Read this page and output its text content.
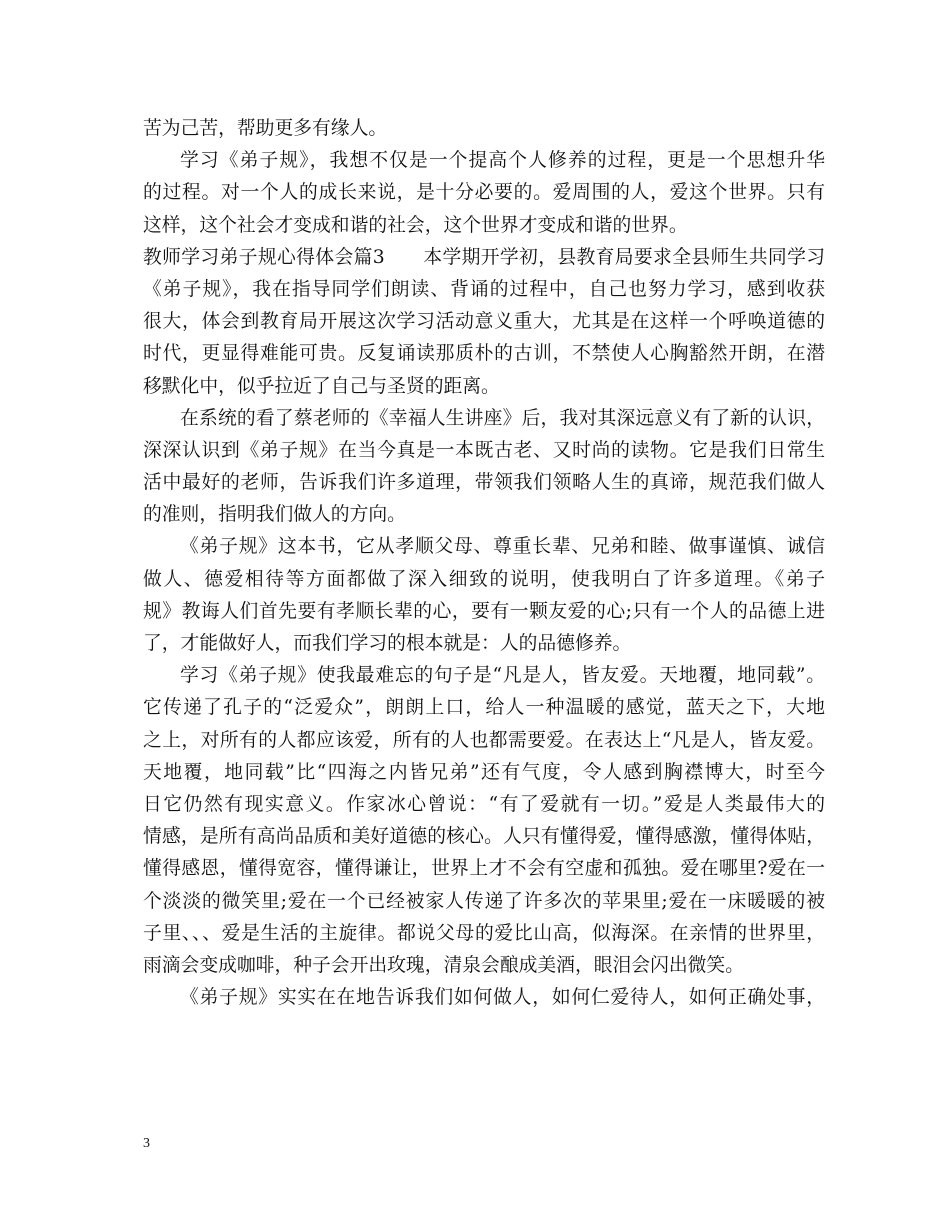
苦为己苦，帮助更多有缘人。
学习《弟子规》，我想不仅是一个提高个人修养的过程，更是一个思想升华
的过程。对一个人的成长来说，是十分必要的。爱周围的人，爱这个世界。只有
这样，这个社会才变成和谐的社会，这个世界才变成和谐的世界。
教师学习弟子规心得体会篇3　　本学期开学初，县教育局要求全县师生共同学习
《弟子规》，我在指导同学们朗读、背诵的过程中，自己也努力学习，感到收获
很大，体会到教育局开展这次学习活动意义重大，尤其是在这样一个呼唤道德的
时代，更显得难能可贵。反复诵读那质朴的古训，不禁使人心胸豁然开朗，在潜
移默化中，似乎拉近了自己与圣贤的距离。
在系统的看了蔡老师的《幸福人生讲座》后，我对其深远意义有了新的认识，
深深认识到《弟子规》在当今真是一本既古老、又时尚的读物。它是我们日常生
活中最好的老师，告诉我们许多道理，带领我们领略人生的真谛，规范我们做人
的准则，指明我们做人的方向。
《弟子规》这本书，它从孝顺父母、尊重长辈、兄弟和睦、做事谨慎、诚信
做人、德爱相待等方面都做了深入细致的说明，使我明白了许多道理。《弟子
规》教诲人们首先要有孝顺长辈的心，要有一颗友爱的心;只有一个人的品德上进
了，才能做好人，而我们学习的根本就是：人的品德修养。
学习《弟子规》使我最难忘的句子是“凡是人，皆友爱。天地覆，地同载”。
它传递了孔子的“泛爱众”，朗朗上口，给人一种温暖的感觉，蓝天之下，大地
之上，对所有的人都应该爱，所有的人也都需要爱。在表达上“凡是人，皆友爱。
天地覆，地同载”比“四海之内皆兄弟”还有气度，令人感到胸襟博大，时至今
日它仍然有现实意义。作家冰心曾说：“有了爱就有一切。”爱是人类最伟大的
情感，是所有高尚品质和美好道德的核心。人只有懂得爱，懂得感激，懂得体贴，
懂得感恩，懂得宽容，懂得谦让，世界上才不会有空虚和孤独。爱在哪里?爱在一
个淡淡的微笑里;爱在一个已经被家人传递了许多次的苹果里;爱在一床暖暖的被
子里、、、爱是生活的主旋律。都说父母的爱比山高，似海深。在亲情的世界里，
雨滴会变成咖啡，种子会开出玫瑰，清泉会酿成美酒，眼泪会闪出微笑。
《弟子规》实实在在地告诉我们如何做人，如何仁爱待人，如何正确处事，
3
